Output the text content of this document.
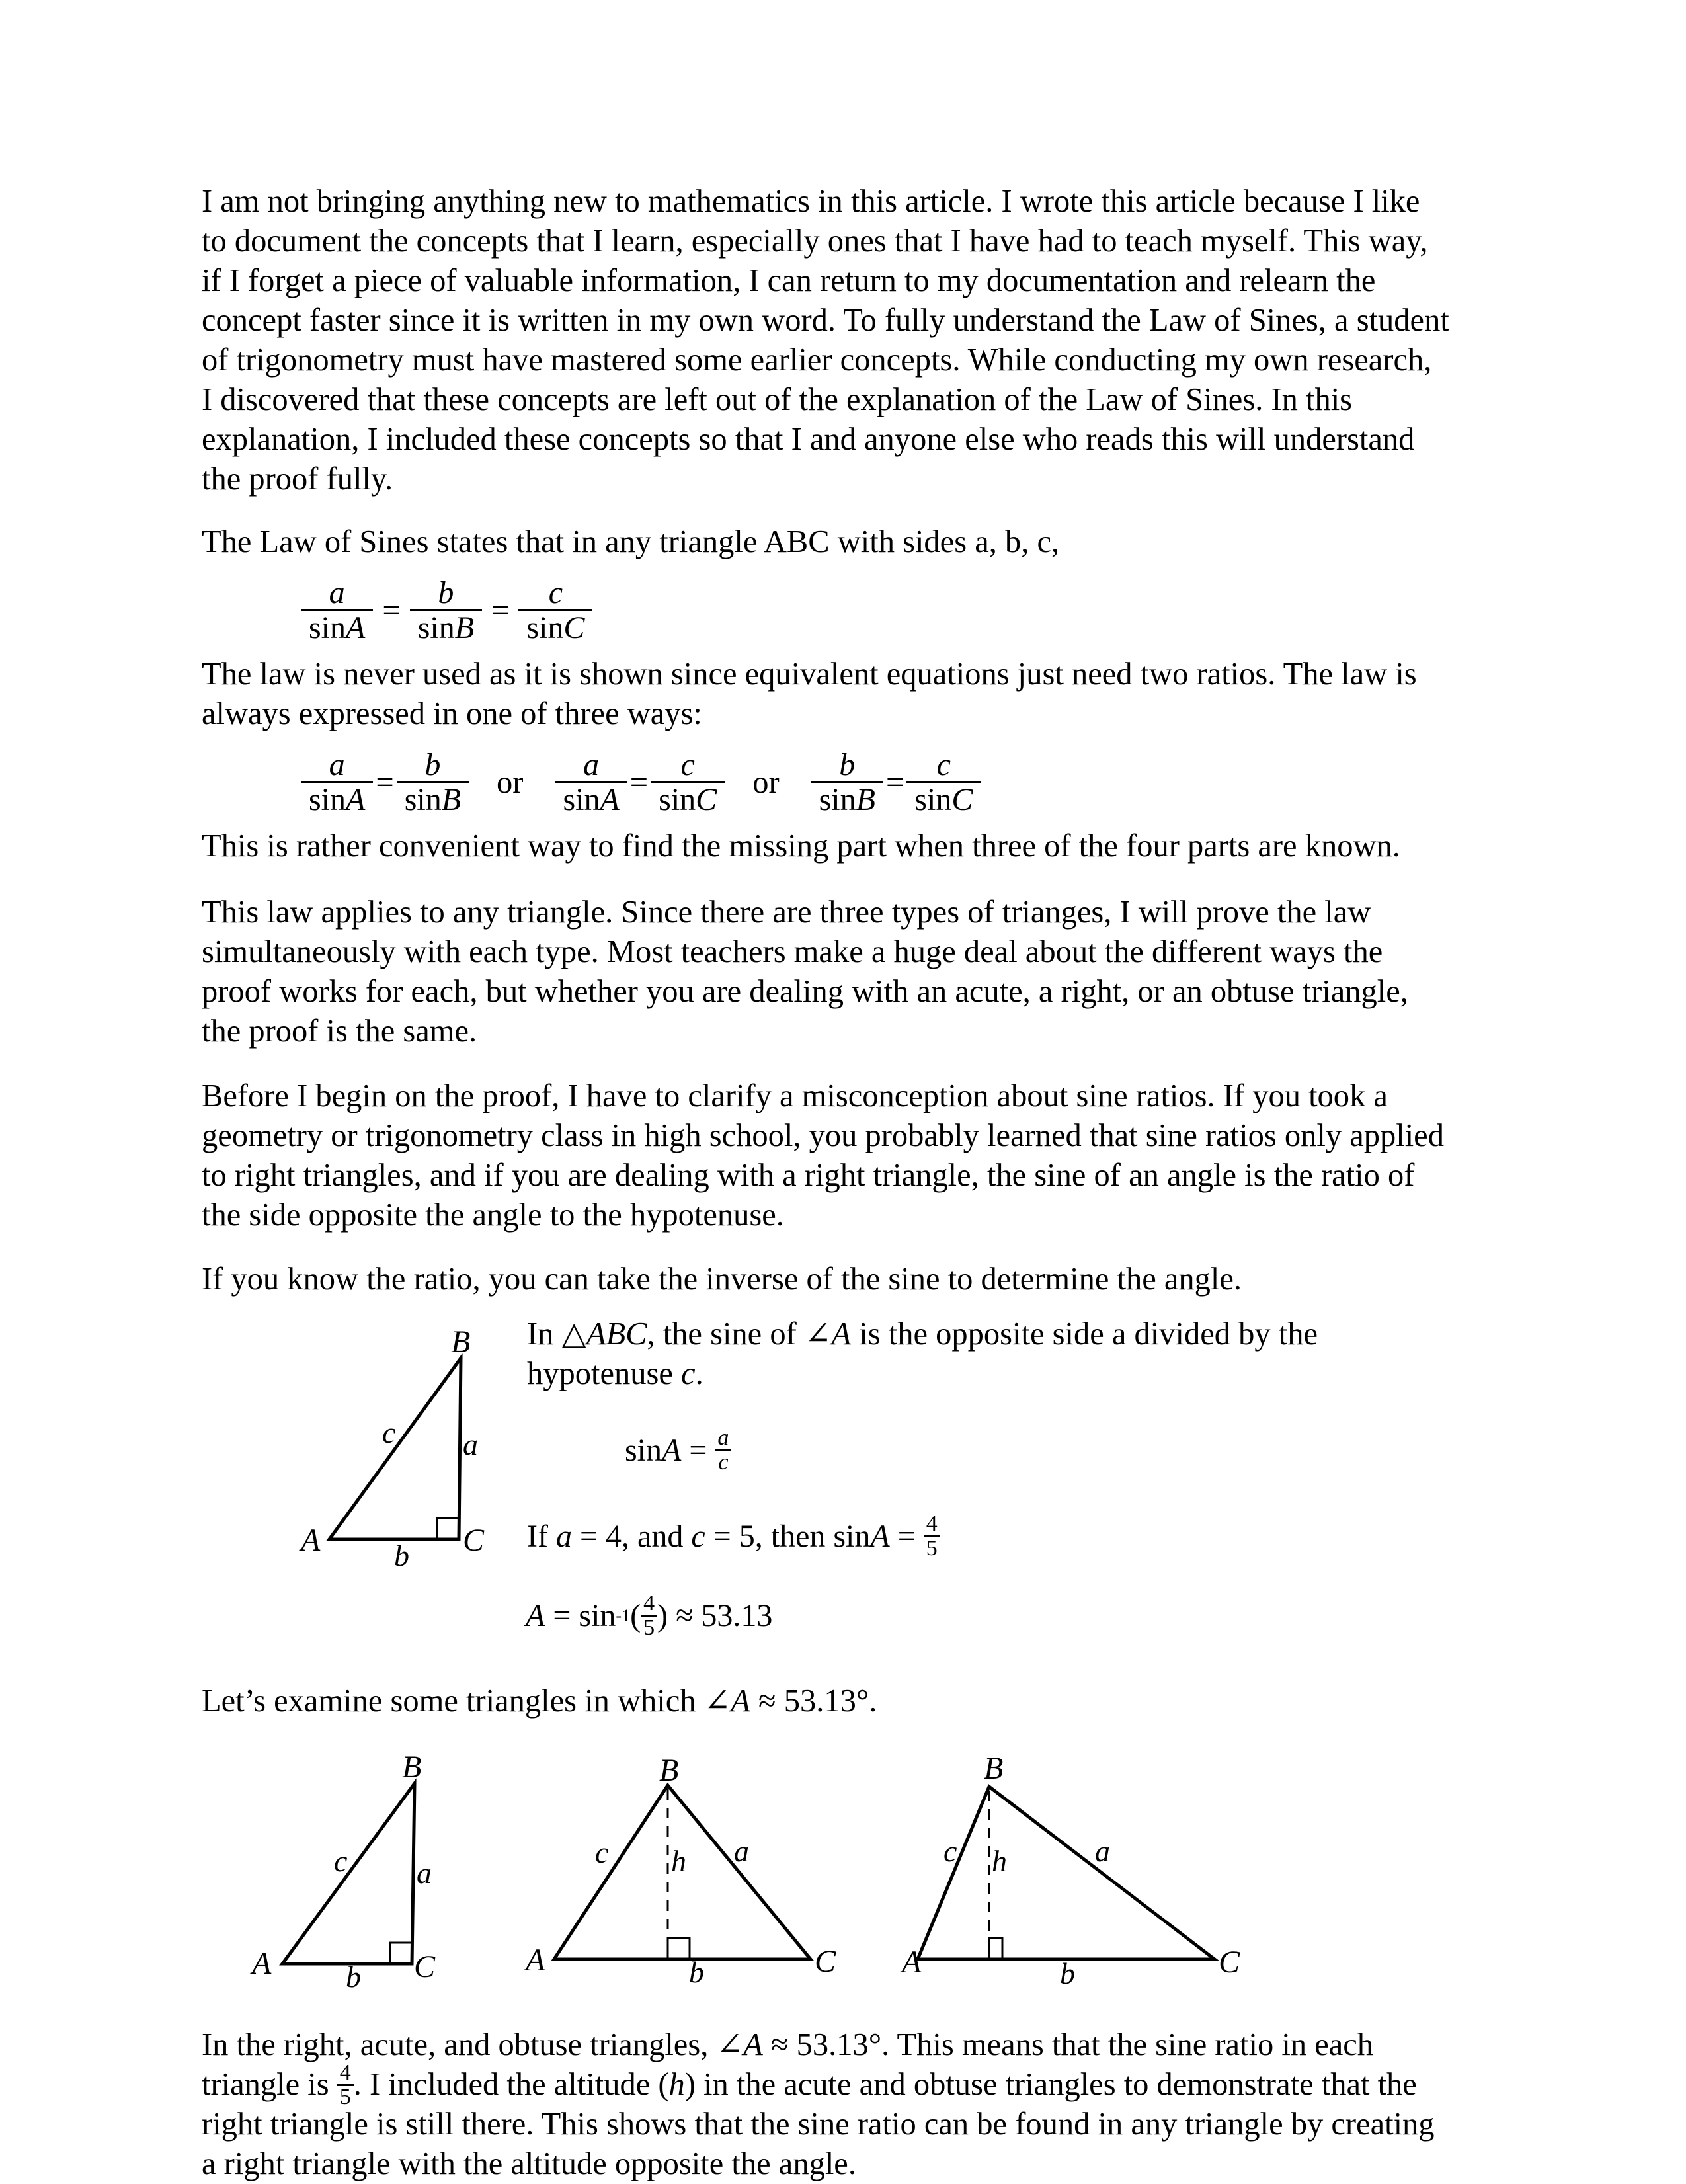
I am not bringing anything new to mathematics in this article. I wrote this article because I like
to document the concepts that I learn, especially ones that I have had to teach myself. This way,
if I forget a piece of valuable information, I can return to my documentation and relearn the
concept faster since it is written in my own word. To fully understand the Law of Sines, a student
of trigonometry must have mastered some earlier concepts. While conducting my own research,
I discovered that these concepts are left out of the explanation of the Law of Sines. In this
explanation, I included these concepts so that I and anyone else who reads this will understand
the proof fully.
The Law of Sines states that in any triangle ABC with sides a, b, c,
$\frac{a}{\sin A} = \frac{b}{\sin B} = \frac{c}{\sin C}$
The law is never used as it is shown since equivalent equations just need two ratios. The law is
always expressed in one of three ways:
$\frac{a}{\sin A} = \frac{b}{\sin B}$ or	$\frac{a}{\sin A} = \frac{c}{\sin C}$ or	$\frac{b}{\sin B} = \frac{c}{\sin C}$
This is rather convenient way to find the missing part when three of the four parts are known.
This law applies to any triangle. Since there are three types of trianges, I will prove the law
simultaneously with each type. Most teachers make a huge deal about the different ways the
proof works for each, but whether you are dealing with an acute, a right, or an obtuse triangle,
the proof is the same.
Before I begin on the proof, I have to clarify a misconception about sine ratios. If you took a
geometry or trigonometry class in high school, you probably learned that sine ratios only applied
to right triangles, and if you are dealing with a right triangle, the sine of an angle is the ratio of
the side opposite the angle to the hypotenuse.
If you know the ratio, you can take the inverse of the sine to determine the angle.
B
A	C
c a
b
In △ABC, the sine of ∠A is the opposite side a divided by the
hypotenuse c.
$\sin A = \frac{a}{c}$
If a = 4, and c = 5, then $\sin A = \frac{4}{5}$
A = sin -1 ( $\frac{4}{5}$ ) ≈ 53.13
Let’s examine some triangles in which ∠A ≈ 53.13°.
B
A	C
c a
b
B
A	C
c	a
h
b
B
A	C
c	a
h
b
In the right, acute, and obtuse triangles, ∠A ≈ 53.13°. This means that the sine ratio in each
triangle is $\frac{4}{5}$ . I included the altitude ( h ) in the acute and obtuse triangles to demonstrate that the
right triangle is still there. This shows that the sine ratio can be found in any triangle by creating
a right triangle with the altitude opposite the angle.
